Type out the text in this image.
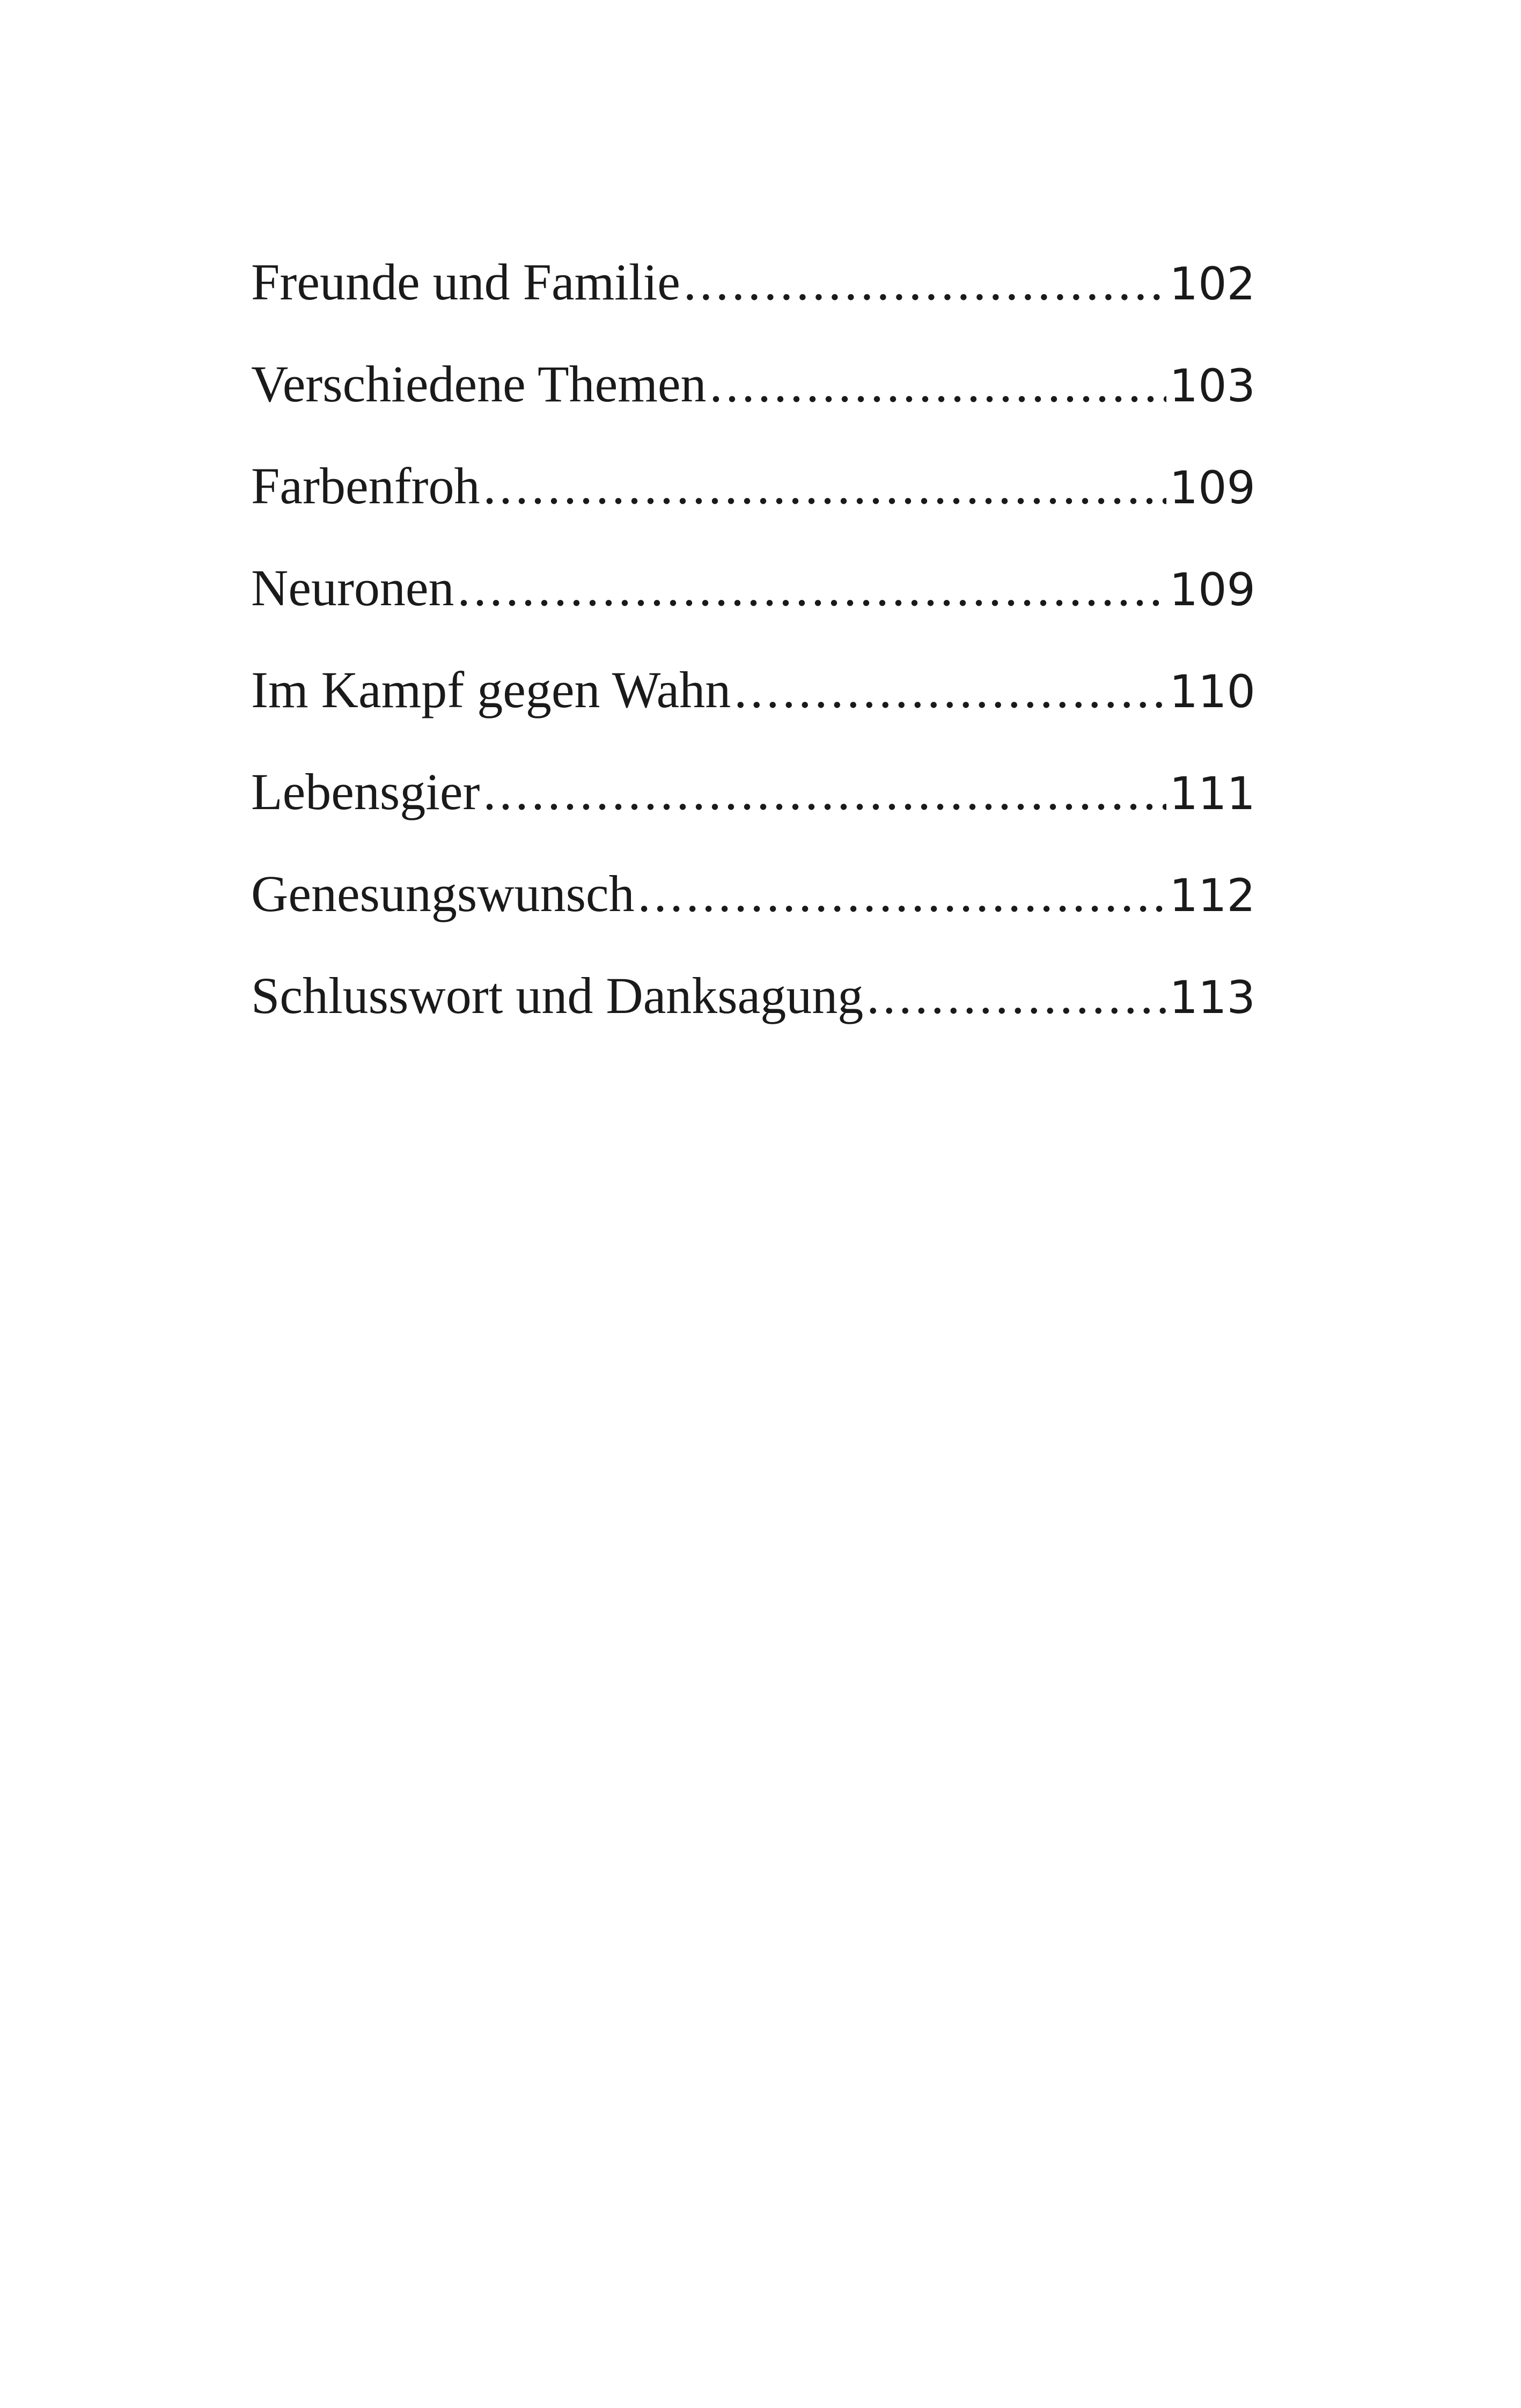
Freunde und Familie .....	102
Verschiedene Themen .....	103
Farbenfroh .....	109
Neuronen .....	109
Im Kampf gegen Wahn .....	110
Lebensgier .....	111
Genesungswunsch .....	112
Schlusswort und Danksagung .....	113
